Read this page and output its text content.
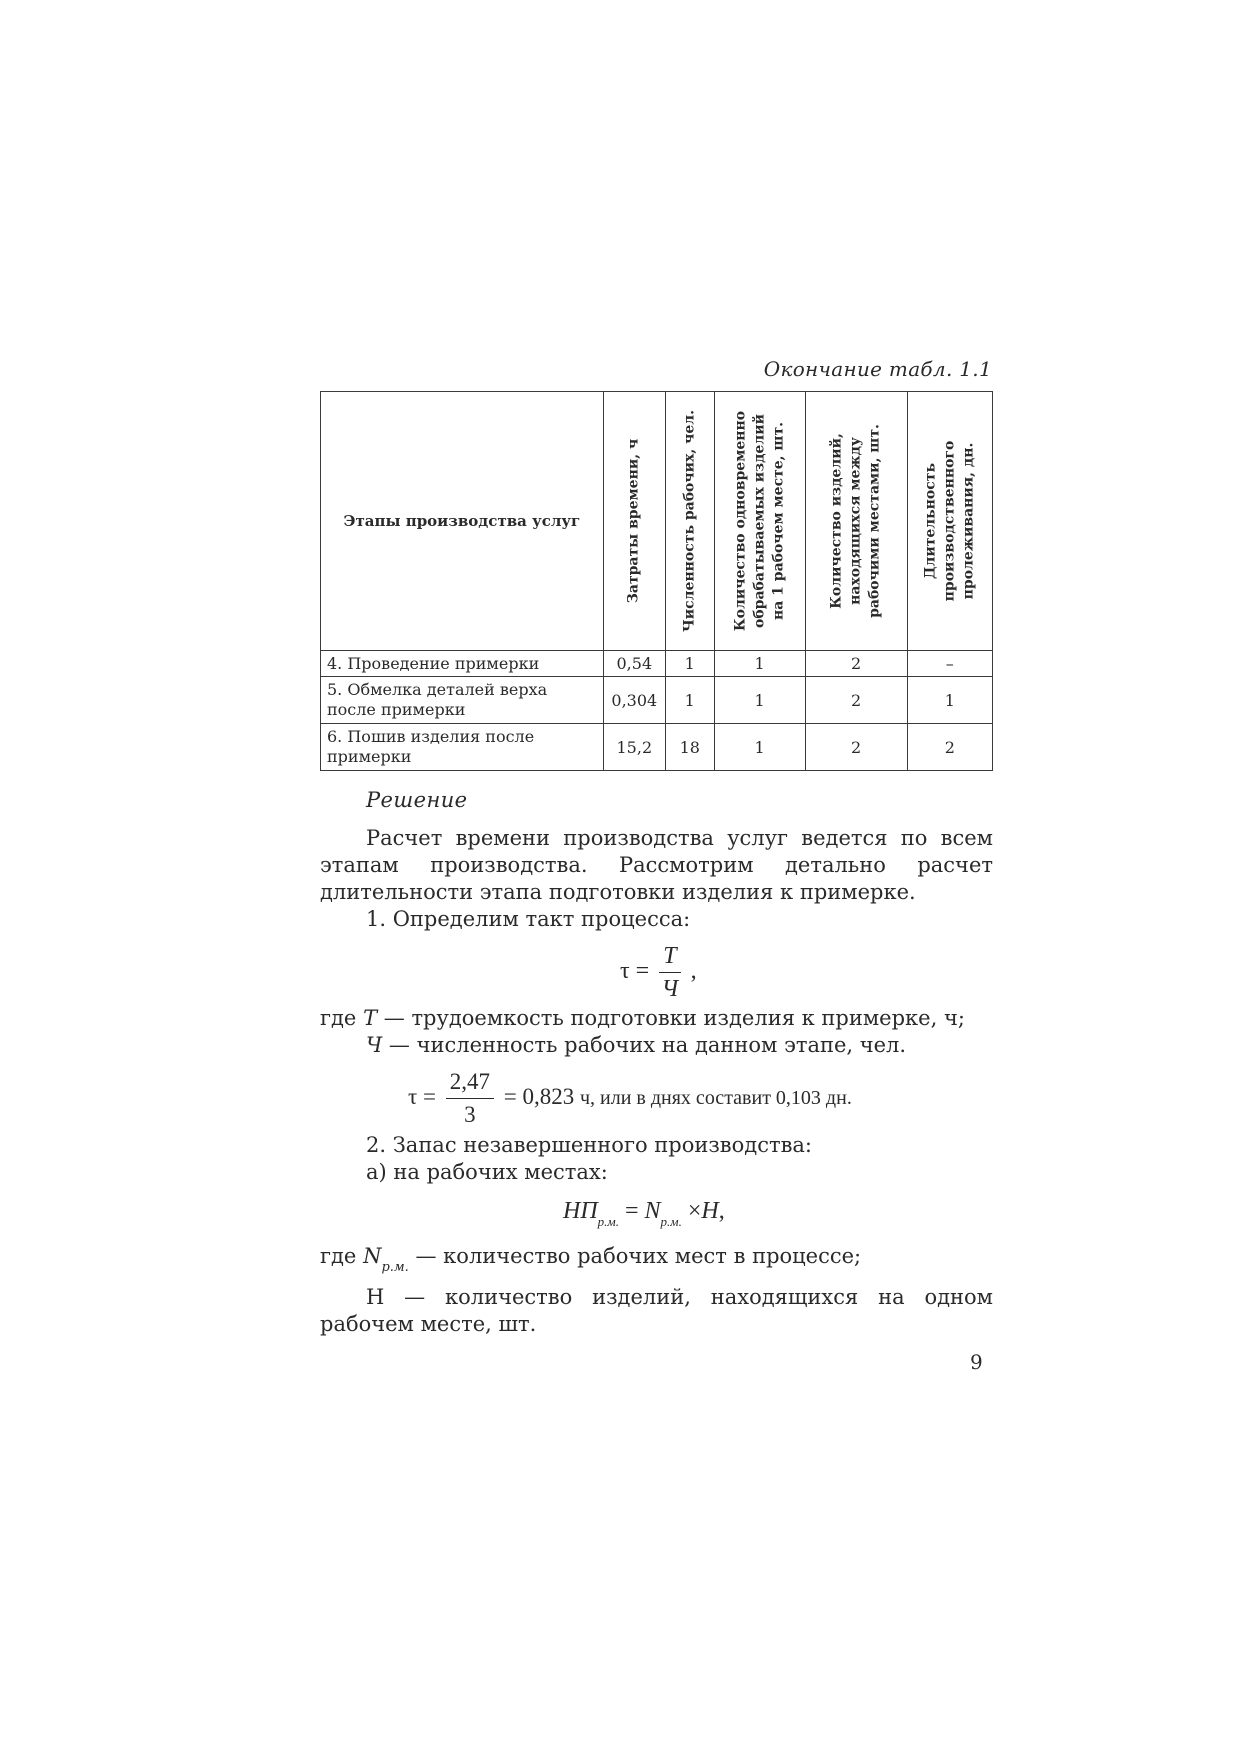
Окончание табл. 1.1
Этапы производства услуг	Затраты времени, ч	Численность рабочих, чел.	Количество одновременно обрабатываемых изделий на 1 рабочем месте, шт.	Количество изделий, находящихся между рабочими местами, шт.	Длительность производственного пролеживания, дн.

4. Проведение примерки	0,54	1	1	2	–
5. Обмелка деталей верха после примерки	0,304	1	1	2	1
6. Пошив изделия после примерки	15,2	18	1	2	2
Решение
Расчет времени производства услуг ведется по всем этапам производства. Рассмотрим детально расчет длительности этапа подготовки изделия к примерке.
1. Определим такт процесса:
$\tau = \frac{T}{Ч}$ ,
где T — трудоемкость подготовки изделия к примерке, ч;
Ч — численность рабочих на данном этапе, чел.
$\tau = \frac{2,47}{3} = 0,823$ ч, или в днях составит 0,103 дн.
2. Запас незавершенного производства:
а) на рабочих местах:
$НП_{р.м.} = N_{р.м.} \times H$,
где $N_{р.м.}$ — количество рабочих мест в процессе;
H — количество изделий, находящихся на одном рабочем месте, шт.
9
